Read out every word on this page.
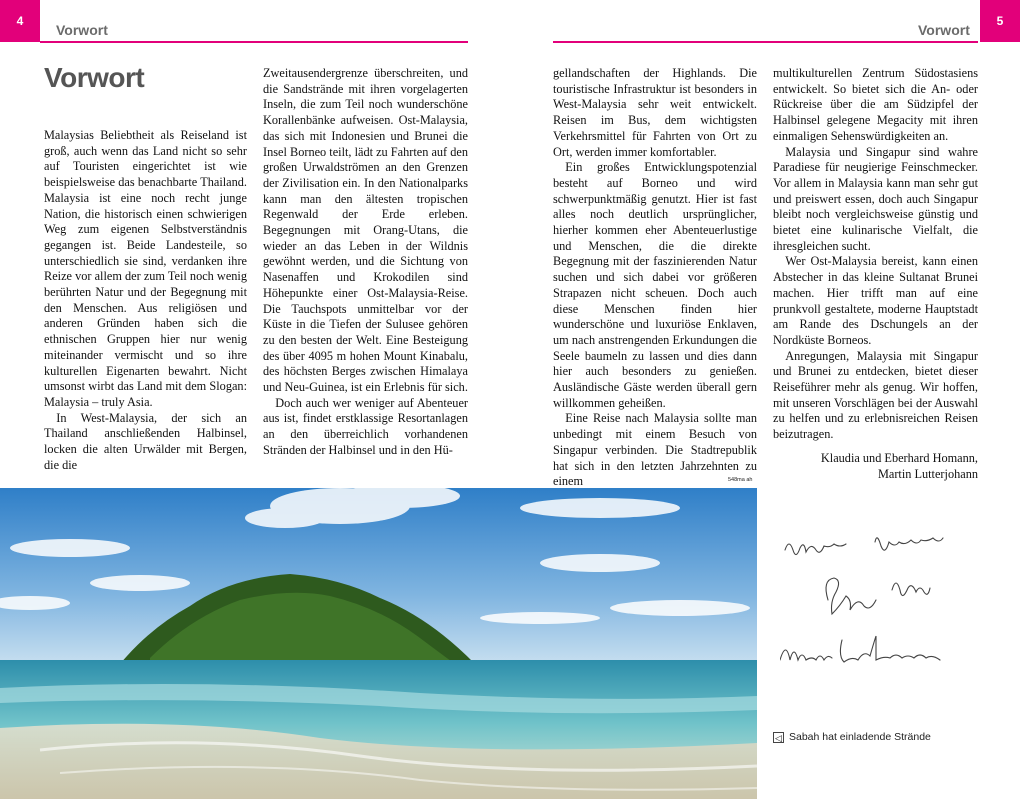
4
Vorwort
Vorwort

Malaysias Beliebtheit als Reiseland ist groß, auch wenn das Land nicht so sehr auf Touristen eingerichtet ist wie beispielsweise das benachbarte Thailand. Malaysia ist eine noch recht junge Nation, die historisch einen schwierigen Weg zum eigenen Selbstverständnis gegangen ist. Beide Landesteile, so unterschiedlich sie sind, verdanken ihre Reize vor allem der zum Teil noch wenig berührten Natur und der Begegnung mit den Menschen. Aus religiösen und anderen Gründen haben sich die ethnischen Gruppen hier nur wenig miteinander vermischt und so ihre kulturellen Eigenarten bewahrt. Nicht umsonst wirbt das Land mit dem Slogan: Malaysia – truly Asia.

In West-Malaysia, der sich an Thailand anschließenden Halbinsel, locken die alten Urwälder mit Bergen, die die

Zweitausendergrenze überschreiten, und die Sandstrände mit ihren vorgelagerten Inseln, die zum Teil noch wunderschöne Korallenbänke aufweisen. Ost-Malaysia, das sich mit Indonesien und Brunei die Insel Borneo teilt, lädt zu Fahrten auf den großen Urwaldströmen an den Grenzen der Zivilisation ein. In den Nationalparks kann man den ältesten tropischen Regenwald der Erde erleben. Begegnungen mit Orang-Utans, die wieder an das Leben in der Wildnis gewöhnt werden, und die Sichtung von Nasenaffen und Krokodilen sind Höhepunkte einer Ost-Malaysia-Reise. Die Tauchspots unmittelbar vor der Küste in die Tiefen der Sulusee gehören zu den besten der Welt. Eine Besteigung des über 4095 m hohen Mount Kinabalu, des höchsten Berges zwischen Himalaya und Neu-Guinea, ist ein Erlebnis für sich.

Doch auch wer weniger auf Abenteuer aus ist, findet erstklassige Resortanlagen an den überreichlich vorhandenen Stränden der Halbinsel und in den Hü-

Vorwort
5

gellandschaften der Highlands. Die touristische Infrastruktur ist besonders in West-Malaysia sehr weit entwickelt. Reisen im Bus, dem wichtigsten Verkehrsmittel für Fahrten von Ort zu Ort, werden immer komfortabler.

Ein großes Entwicklungspotenzial besteht auf Borneo und wird schwerpunktmäßig genutzt. Hier ist fast alles noch deutlich ursprünglicher, hierher kommen eher Abenteuerlustige und Menschen, die die direkte Begegnung mit der faszinierenden Natur suchen und sich dabei vor größeren Strapazen nicht scheuen. Doch auch diese Menschen finden hier wunderschöne und luxuriöse Enklaven, um nach anstrengenden Erkundungen die Seele baumeln zu lassen und dies dann hier auch besonders zu genießen. Ausländische Gäste werden überall gern willkommen geheißen.

Eine Reise nach Malaysia sollte man unbedingt mit einem Besuch von Singapur verbinden. Die Stadtrepublik hat sich in den letzten Jahrzehnten zu einem

multikulturellen Zentrum Südostasiens entwickelt. So bietet sich die An- oder Rückreise über die am Südzipfel der Halbinsel gelegene Megacity mit ihren einmaligen Sehenswürdigkeiten an.

Malaysia und Singapur sind wahre Paradiese für neugierige Feinschmecker. Vor allem in Malaysia kann man sehr gut und preiswert essen, doch auch Singapur bleibt noch vergleichsweise günstig und bietet eine kulinarische Vielfalt, die ihresgleichen sucht.

Wer Ost-Malaysia bereist, kann einen Abstecher in das kleine Sultanat Brunei machen. Hier trifft man auf eine prunkvoll gestaltete, moderne Hauptstadt am Rande des Dschungels an der Nordküste Borneos.

Anregungen, Malaysia mit Singapur und Brunei zu entdecken, bietet dieser Reiseführer mehr als genug. Wir hoffen, mit unseren Vorschlägen bei der Auswahl zu helfen und zu erlebnisreichen Reisen beizutragen.

Klaudia und Eberhard Homann,

Martin Lutterjohann

548ma ah
◁ Sabah hat einladende Strände
